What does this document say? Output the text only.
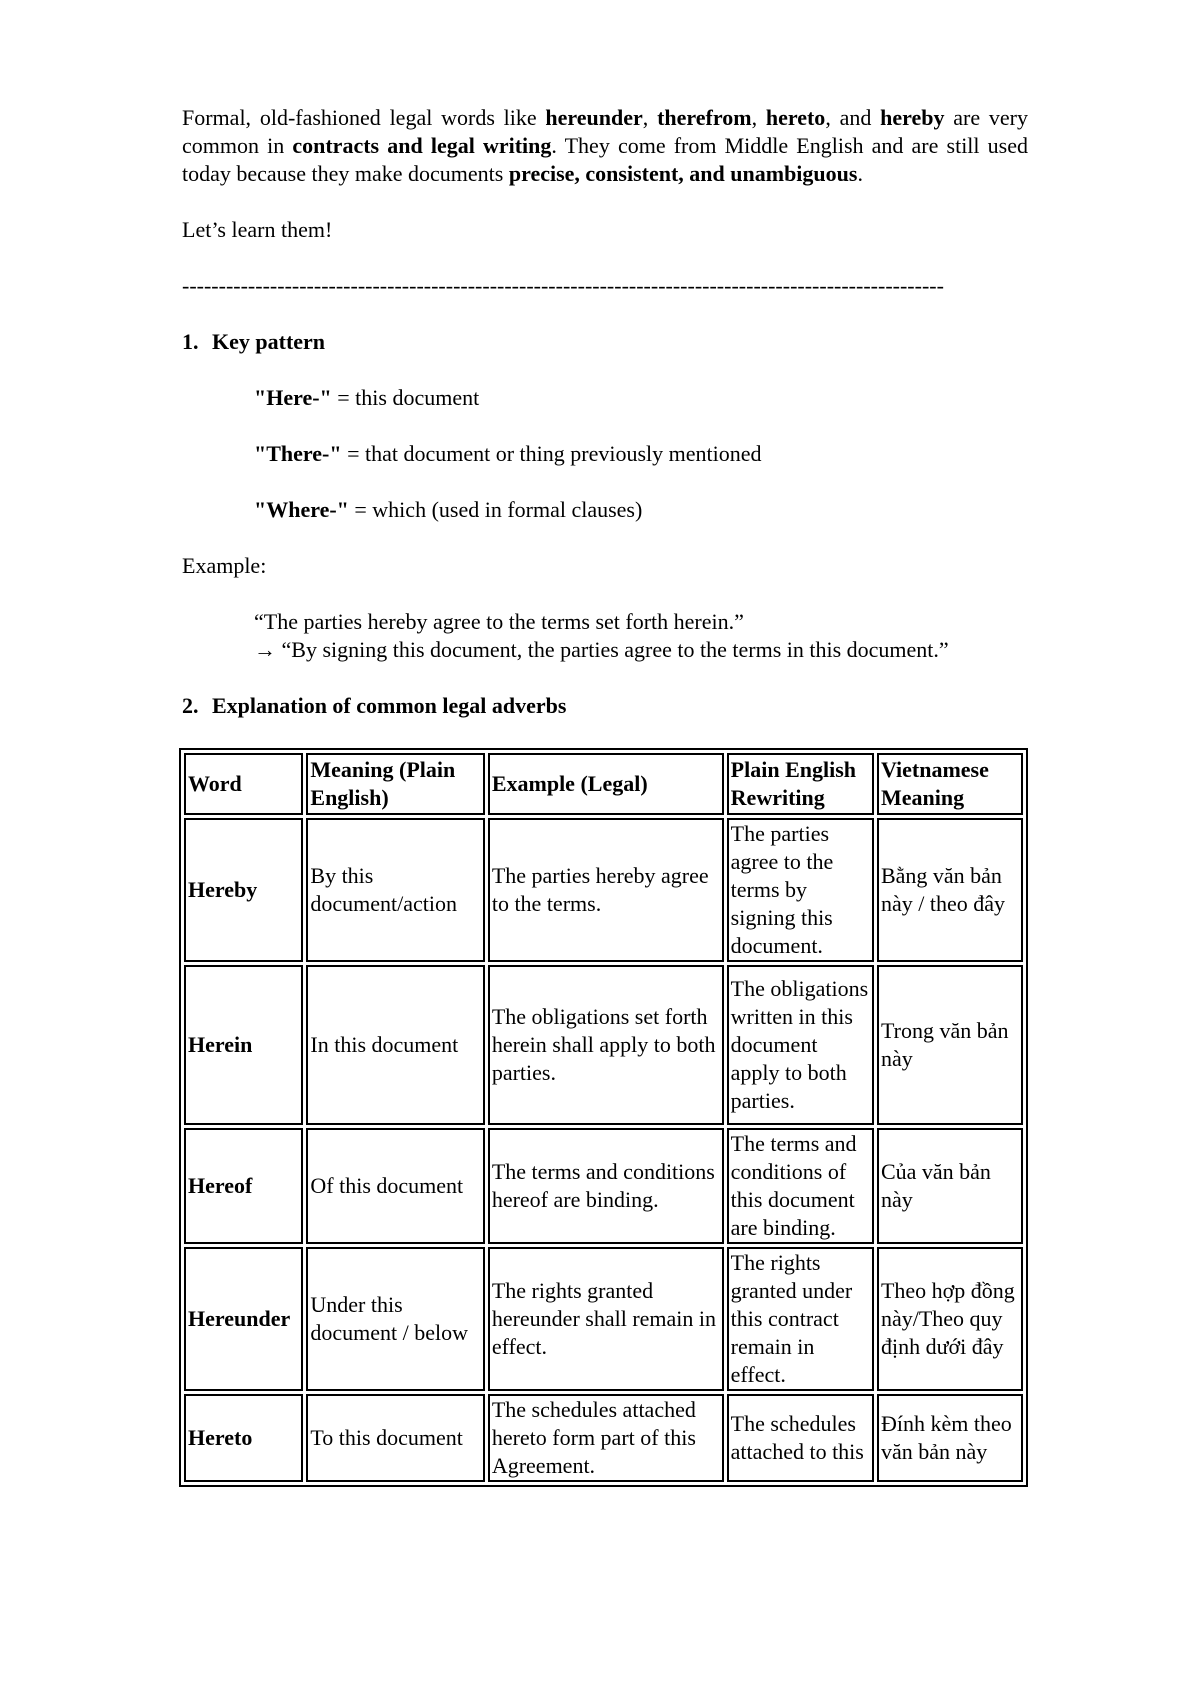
Formal, old-fashioned legal words like hereunder, therefrom, hereto, and hereby are very common in contracts and legal writing. They come from Middle English and are still used today because they make documents precise, consistent, and unambiguous.

Let’s learn them!

--------------------------------------------------------------------------------------------------------

1. Key pattern

"Here-" = this document

"There-" = that document or thing previously mentioned

"Where-" = which (used in formal clauses)

Example:

“The parties hereby agree to the terms set forth herein.”

→ “By signing this document, the parties agree to the terms in this document.”

2. Explanation of common legal adverbs

Word	Meaning (Plain English)	Example (Legal)	Plain English Rewriting	Vietnamese Meaning
Hereby	By this document/action	The parties hereby agree to the terms.	The parties agree to the terms by signing this document.	Bằng văn bản này / theo đây
Herein	In this document	The obligations set forth herein shall apply to both parties.	The obligations written in this document apply to both parties.	Trong văn bản này
Hereof	Of this document	The terms and conditions hereof are binding.	The terms and conditions of this document are binding.	Của văn bản này
Hereunder	Under this document / below	The rights granted hereunder shall remain in effect.	The rights granted under this contract remain in effect.	Theo hợp đồng này/Theo quy định dưới đây
Hereto	To this document	The schedules attached hereto form part of this Agreement.	The schedules attached to this	Đính kèm theo văn bản này
